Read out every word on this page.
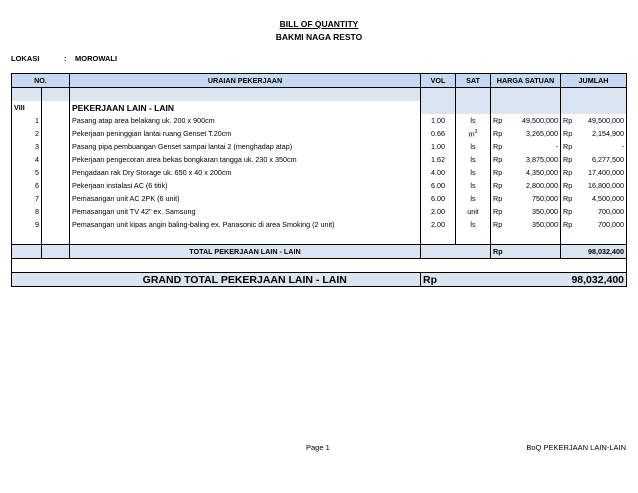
BILL OF QUANTITY
BAKMI NAGA RESTO
LOKASI	: MOROWALI
NO.		URAIAN PEKERJAAN	VOL	SAT	HARGA SATUAN		JUMLAH	

VIII		PEKERJAAN LAIN - LAIN						
1		Pasang atap area belakang uk. 200 x 900cm	1.00	ls	Rp	49,500,000	Rp	49,500,000
2		Pekerjaan peninggian lantai ruang Genset T.20cm	0.66	$m^3$	Rp	3,265,000	Rp	2,154,900
3		Pasang pipa pembuangan Genset sampai lantai 2 (menghadap atap)	1.00	ls	Rp	-	Rp	-
4		Pekerjaan pengecoran area bekas bongkaran tangga uk. 230 x 350cm	1.62	ls	Rp	3,875,000	Rp	6,277,500
5		Pengadaan rak Dry Storage uk. 650 x 40 x 200cm	4.00	ls	Rp	4,350,000	Rp	17,400,000
6		Pekerjaan instalasi AC (6 titik)	6.00	ls	Rp	2,800,000	Rp	16,800,000
7		Pemasangan unit AC 2PK (6 unit)	6.00	ls	Rp	750,000	Rp	4,500,000
8		Pemasangan unit TV 42" ex. Samsung	2.00	unit	Rp	350,000	Rp	700,000
9		Pemasangan unit kipas angin baling-baling ex. Panasonic di area Smoking (2 unit)	2.00	ls	Rp	350,000	Rp	700,000

		TOTAL PEKERJAAN LAIN - LAIN			Rp		98,032,400	

		GRAND TOTAL PEKERJAAN LAIN - LAIN	Rp				98,032,400	
Page 1	BoQ PEKERJAAN LAIN-LAIN
